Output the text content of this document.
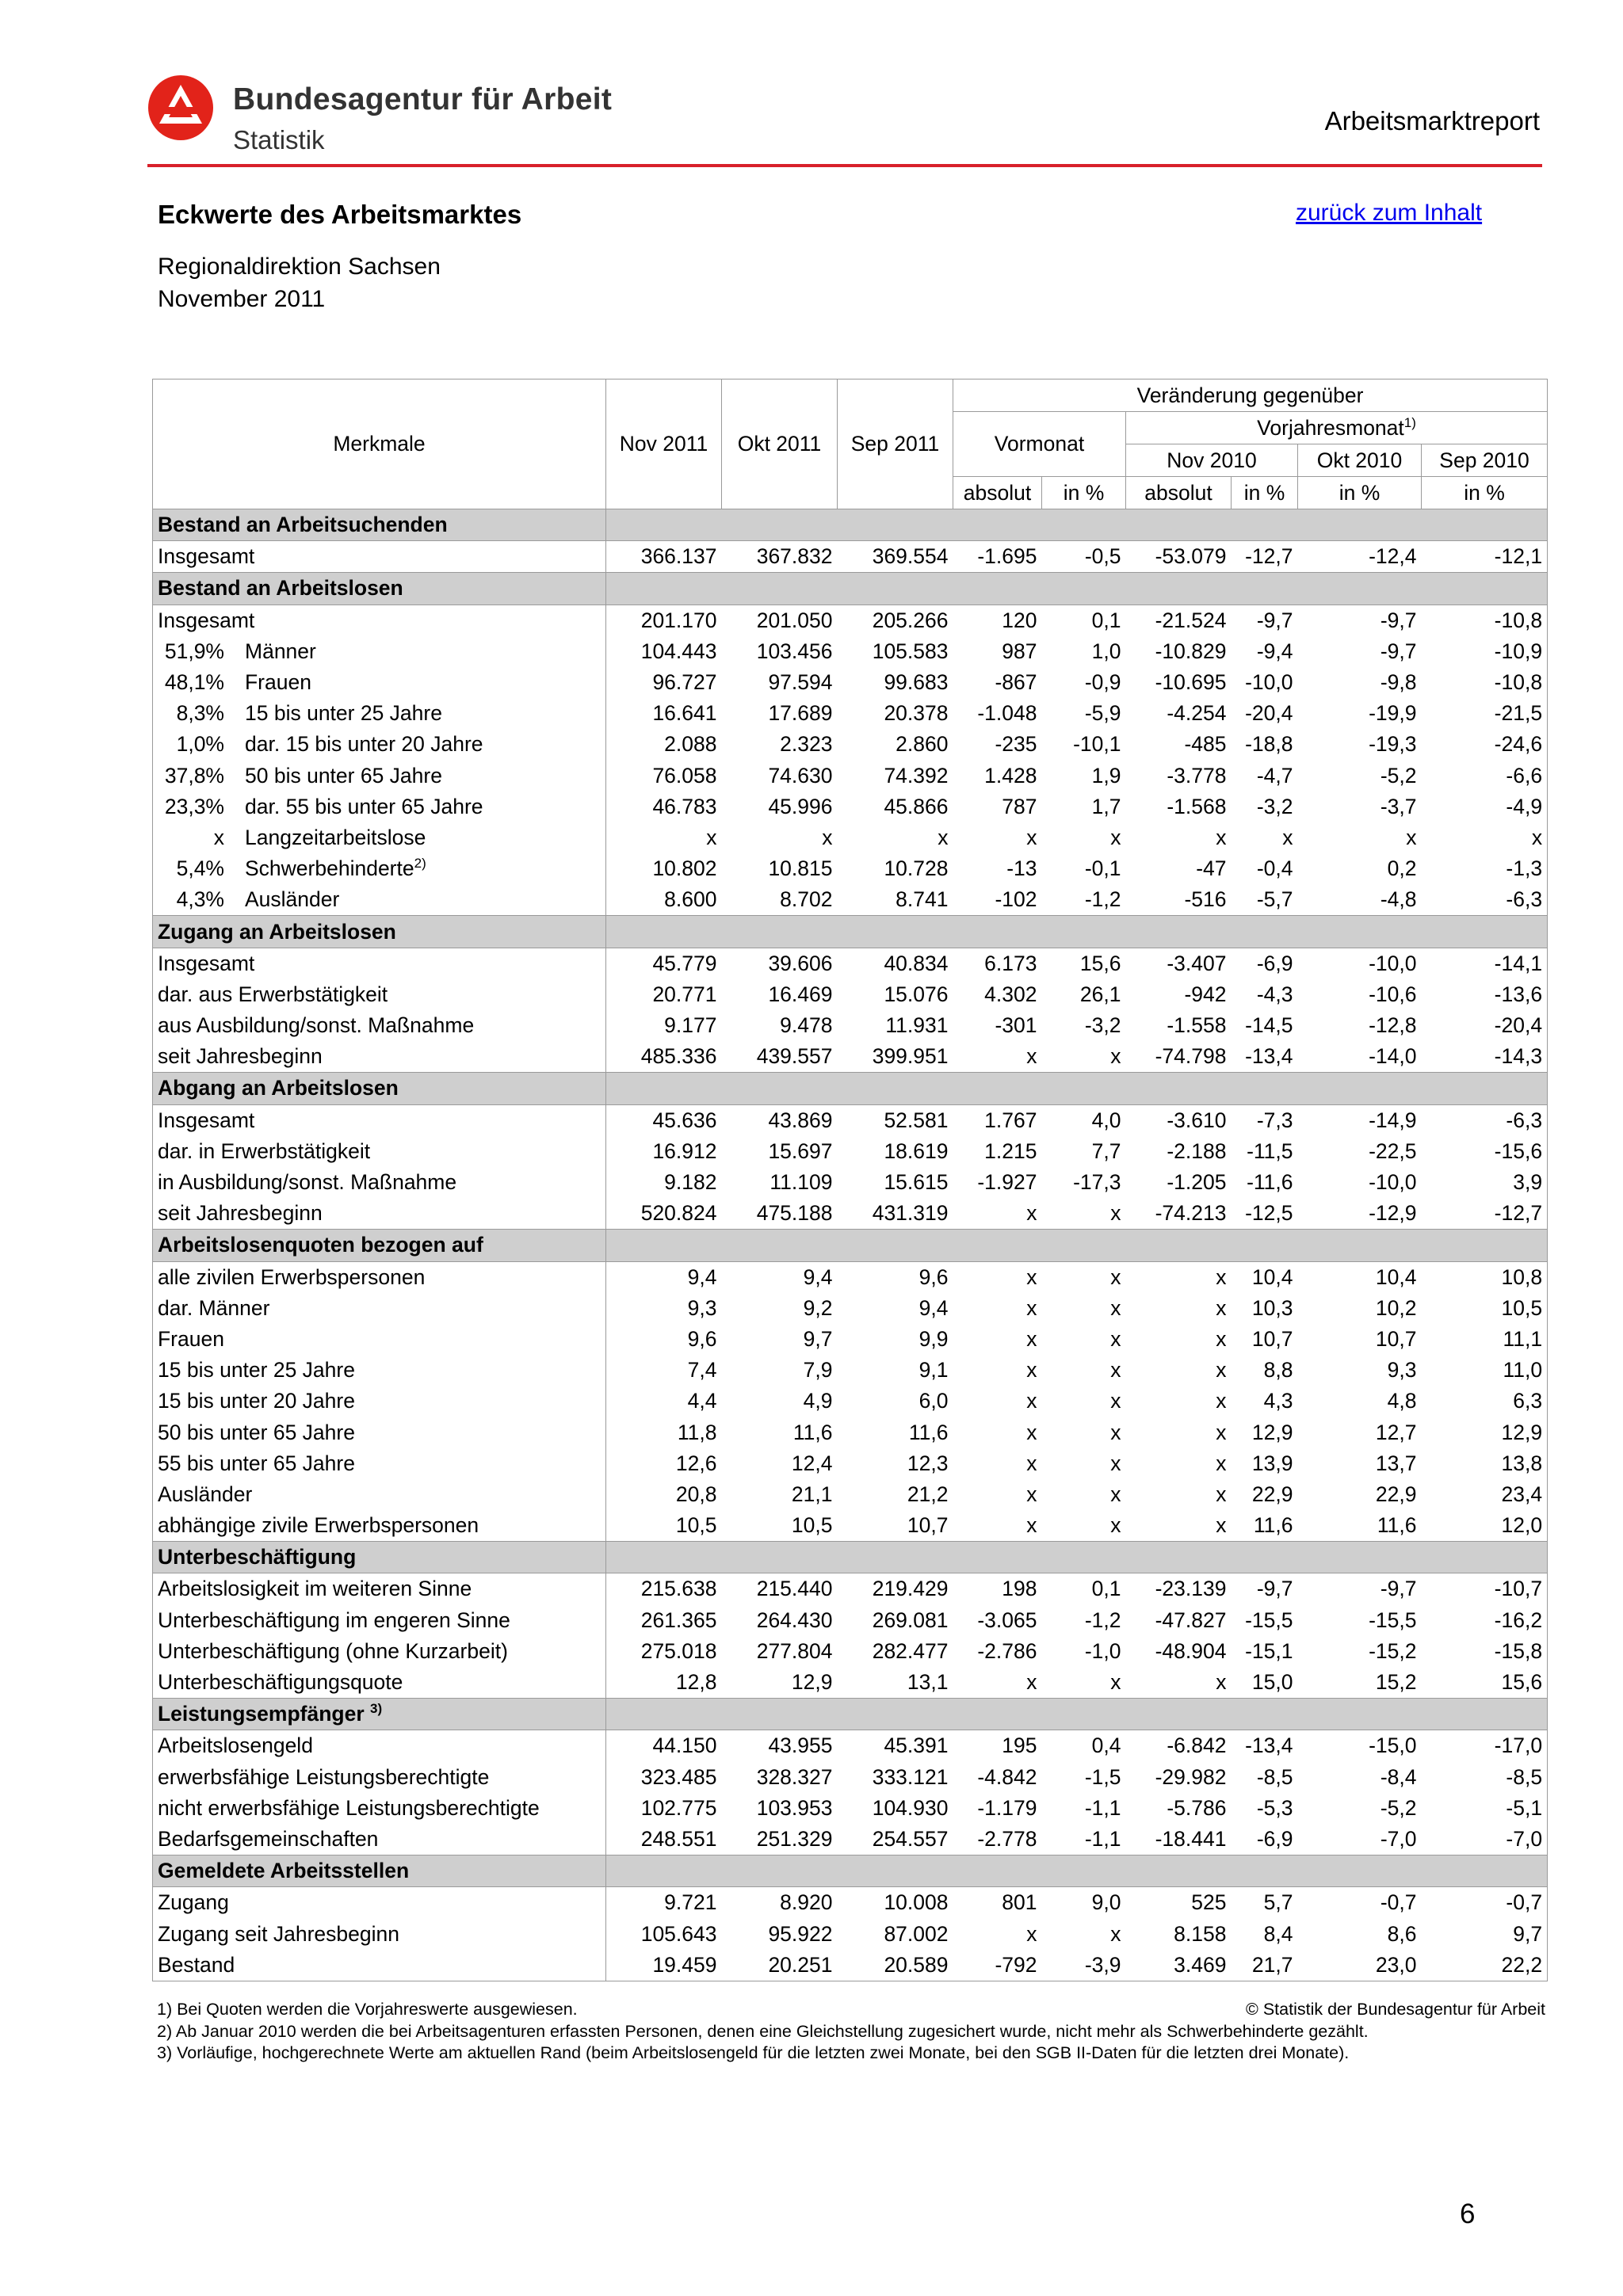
Bundesagentur für Arbeit
Statistik
Arbeitsmarktreport
Eckwerte des Arbeitsmarktes	zurück zum Inhalt
Regionaldirektion Sachsen
November 2011
Merkmale	Nov 2011	Okt 2011	Sep 2011	Veränderung gegenüber					
				Vormonat		Vorjahresmonat$^{1)}$
						Nov 2010		Okt 2010	Sep 2010
				absolut	in %	absolut	in %	in %	in %
Bestand an Arbeitsuchenden									
Insgesamt	366.137	367.832	369.554	-1.695	-0,5	-53.079	-12,7	-12,4	-12,1
Bestand an Arbeitslosen									
Insgesamt	201.170	201.050	205.266	120	0,1	-21.524	-9,7	-9,7	-10,8
51,9% Männer	104.443	103.456	105.583	987	1,0	-10.829	-9,4	-9,7	-10,9
48,1% Frauen	96.727	97.594	99.683	-867	-0,9	-10.695	-10,0	-9,8	-10,8
8,3% 15 bis unter 25 Jahre	16.641	17.689	20.378	-1.048	-5,9	-4.254	-20,4	-19,9	-21,5
1,0% dar. 15 bis unter 20 Jahre	2.088	2.323	2.860	-235	-10,1	-485	-18,8	-19,3	-24,6
37,8% 50 bis unter 65 Jahre	76.058	74.630	74.392	1.428	1,9	-3.778	-4,7	-5,2	-6,6
23,3% dar. 55 bis unter 65 Jahre	46.783	45.996	45.866	787	1,7	-1.568	-3,2	-3,7	-4,9
x Langzeitarbeitslose	x	x	x	x	x	x	x	x	x
5,4% Schwerbehinderte$^{2)}$	10.802	10.815	10.728	-13	-0,1	-47	-0,4	0,2	-1,3
4,3% Ausländer	8.600	8.702	8.741	-102	-1,2	-516	-5,7	-4,8	-6,3
Zugang an Arbeitslosen									
Insgesamt	45.779	39.606	40.834	6.173	15,6	-3.407	-6,9	-10,0	-14,1
dar. aus Erwerbstätigkeit	20.771	16.469	15.076	4.302	26,1	-942	-4,3	-10,6	-13,6
aus Ausbildung/sonst. Maßnahme	9.177	9.478	11.931	-301	-3,2	-1.558	-14,5	-12,8	-20,4
seit Jahresbeginn	485.336	439.557	399.951	x	x	-74.798	-13,4	-14,0	-14,3
Abgang an Arbeitslosen									
Insgesamt	45.636	43.869	52.581	1.767	4,0	-3.610	-7,3	-14,9	-6,3
dar. in Erwerbstätigkeit	16.912	15.697	18.619	1.215	7,7	-2.188	-11,5	-22,5	-15,6
in Ausbildung/sonst. Maßnahme	9.182	11.109	15.615	-1.927	-17,3	-1.205	-11,6	-10,0	3,9
seit Jahresbeginn	520.824	475.188	431.319	x	x	-74.213	-12,5	-12,9	-12,7
Arbeitslosenquoten bezogen auf									
alle zivilen Erwerbspersonen	9,4	9,4	9,6	x	x	x	10,4	10,4	10,8
dar. Männer	9,3	9,2	9,4	x	x	x	10,3	10,2	10,5
Frauen	9,6	9,7	9,9	x	x	x	10,7	10,7	11,1
15 bis unter 25 Jahre	7,4	7,9	9,1	x	x	x	8,8	9,3	11,0
15 bis unter 20 Jahre	4,4	4,9	6,0	x	x	x	4,3	4,8	6,3
50 bis unter 65 Jahre	11,8	11,6	11,6	x	x	x	12,9	12,7	12,9
55 bis unter 65 Jahre	12,6	12,4	12,3	x	x	x	13,9	13,7	13,8
Ausländer	20,8	21,1	21,2	x	x	x	22,9	22,9	23,4
abhängige zivile Erwerbspersonen	10,5	10,5	10,7	x	x	x	11,6	11,6	12,0
Unterbeschäftigung									
Arbeitslosigkeit im weiteren Sinne	215.638	215.440	219.429	198	0,1	-23.139	-9,7	-9,7	-10,7
Unterbeschäftigung im engeren Sinne	261.365	264.430	269.081	-3.065	-1,2	-47.827	-15,5	-15,5	-16,2
Unterbeschäftigung (ohne Kurzarbeit)	275.018	277.804	282.477	-2.786	-1,0	-48.904	-15,1	-15,2	-15,8
Unterbeschäftigungsquote	12,8	12,9	13,1	x	x	x	15,0	15,2	15,6
Leistungsempfänger $^{3)}$	
Arbeitslosengeld	44.150	43.955	45.391	195	0,4	-6.842	-13,4	-15,0	-17,0
erwerbsfähige Leistungsberechtigte	323.485	328.327	333.121	-4.842	-1,5	-29.982	-8,5	-8,4	-8,5
nicht erwerbsfähige Leistungsberechtigte	102.775	103.953	104.930	-1.179	-1,1	-5.786	-5,3	-5,2	-5,1
Bedarfsgemeinschaften	248.551	251.329	254.557	-2.778	-1,1	-18.441	-6,9	-7,0	-7,0
Gemeldete Arbeitsstellen									
Zugang	9.721	8.920	10.008	801	9,0	525	5,7	-0,7	-0,7
Zugang seit Jahresbeginn	105.643	95.922	87.002	x	x	8.158	8,4	8,6	9,7
Bestand	19.459	20.251	20.589	-792	-3,9	3.469	21,7	23,0	22,2
1) Bei Quoten werden die Vorjahreswerte ausgewiesen.	© Statistik der Bundesagentur für Arbeit
2) Ab Januar 2010 werden die bei Arbeitsagenturen erfassten Personen, denen eine Gleichstellung zugesichert wurde, nicht mehr als Schwerbehinderte gezählt.
3) Vorläufige, hochgerechnete Werte am aktuellen Rand (beim Arbeitslosengeld für die letzten zwei Monate, bei den SGB II-Daten für die letzten drei Monate).
6
